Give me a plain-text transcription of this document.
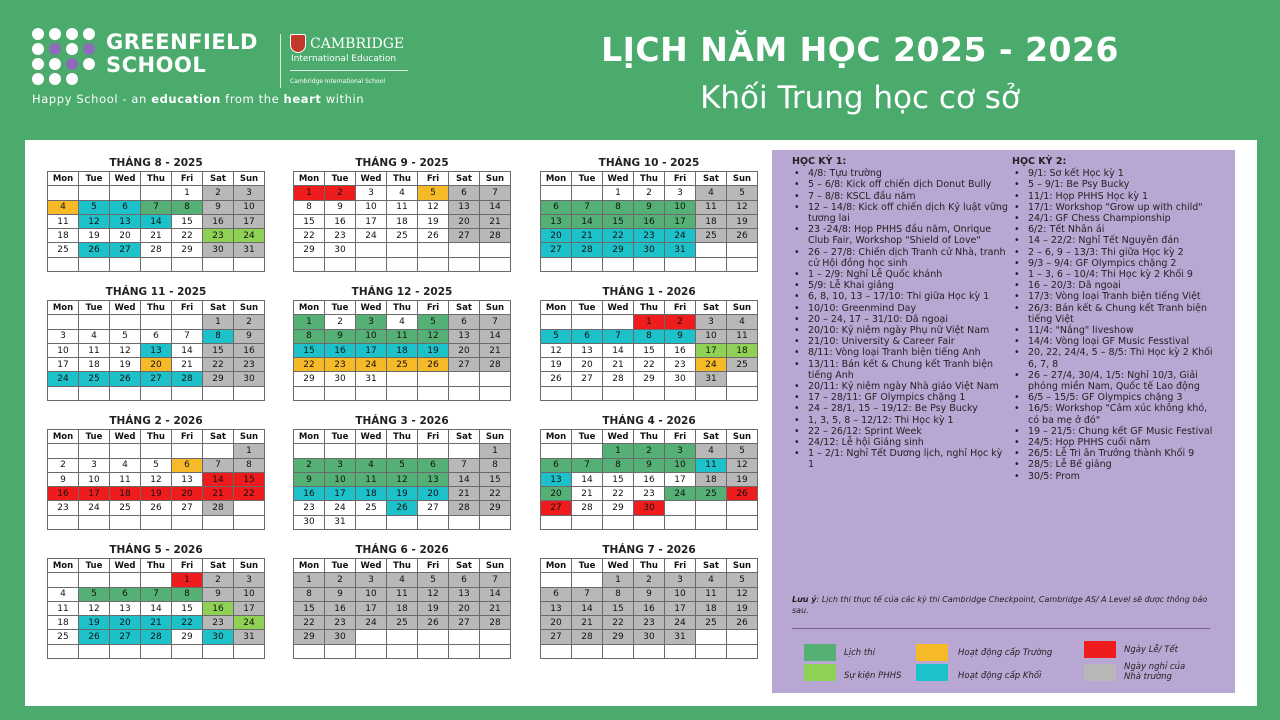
GREENFIELD
SCHOOL
CAMBRIDGE
International Education
Cambridge International School
Happy School - an education from the heart within
LỊCH NĂM HỌC 2025 - 2026
Khối Trung học cơ sở
THÁNG 8 - 2025
Mon	Tue	Wed	Thu	Fri	Sat	Sun
				1	2	3
4	5	6	7	8	9	10
11	12	13	14	15	16	17
18	19	20	21	22	23	24
25	26	27	28	29	30	31

THÁNG 9 - 2025
Mon	Tue	Wed	Thu	Fri	Sat	Sun
1	2	3	4	5	6	7
8	9	10	11	12	13	14
15	16	17	18	19	20	21
22	23	24	25	26	27	28
29	30					

THÁNG 10 - 2025
Mon	Tue	Wed	Thu	Fri	Sat	Sun
		1	2	3	4	5
6	7	8	9	10	11	12
13	14	15	16	17	18	19
20	21	22	23	24	25	26
27	28	29	30	31		

THÁNG 11 - 2025
Mon	Tue	Wed	Thu	Fri	Sat	Sun
					1	2
3	4	5	6	7	8	9
10	11	12	13	14	15	16
17	18	19	20	21	22	23
24	25	26	27	28	29	30

THÁNG 12 - 2025
Mon	Tue	Wed	Thu	Fri	Sat	Sun
1	2	3	4	5	6	7
8	9	10	11	12	13	14
15	16	17	18	19	20	21
22	23	24	25	26	27	28
29	30	31				

THÁNG 1 - 2026
Mon	Tue	Wed	Thu	Fri	Sat	Sun
			1	2	3	4
5	6	7	8	9	10	11
12	13	14	15	16	17	18
19	20	21	22	23	24	25
26	27	28	29	30	31	

THÁNG 2 - 2026
Mon	Tue	Wed	Thu	Fri	Sat	Sun
						1
2	3	4	5	6	7	8
9	10	11	12	13	14	15
16	17	18	19	20	21	22
23	24	25	26	27	28	

THÁNG 3 - 2026
Mon	Tue	Wed	Thu	Fri	Sat	Sun
						1
2	3	4	5	6	7	8
9	10	11	12	13	14	15
16	17	18	19	20	21	22
23	24	25	26	27	28	29
30	31					
THÁNG 4 - 2026
Mon	Tue	Wed	Thu	Fri	Sat	Sun
		1	2	3	4	5
6	7	8	9	10	11	12
13	14	15	16	17	18	19
20	21	22	23	24	25	26
27	28	29	30			

THÁNG 5 - 2026
Mon	Tue	Wed	Thu	Fri	Sat	Sun
				1	2	3
4	5	6	7	8	9	10
11	12	13	14	15	16	17
18	19	20	21	22	23	24
25	26	27	28	29	30	31

THÁNG 6 - 2026
Mon	Tue	Wed	Thu	Fri	Sat	Sun
1	2	3	4	5	6	7
8	9	10	11	12	13	14
15	16	17	18	19	20	21
22	23	24	25	26	27	28
29	30					

THÁNG 7 - 2026
Mon	Tue	Wed	Thu	Fri	Sat	Sun
		1	2	3	4	5
6	7	8	9	10	11	12
13	14	15	16	17	18	19
20	21	22	23	24	25	26
27	28	29	30	31		

HỌC KỲ 1:
• 4/8: Tựu trường
• 5 – 6/8: Kick off chiến dịch Donut Bully
• 7 – 8/8: KSCL đầu năm
• 12 – 14/8: Kick off chiến dịch Kỷ luật vững tương lai
• 23 -24/8: Họp PHHS đầu năm, Onrique Club Fair, Workshop "Shield of Love"
• 26 – 27/8: Chiến dịch Tranh cử Nhà, tranh cử Hội đồng học sinh
• 1 – 2/9: Nghỉ Lễ Quốc khánh
• 5/9: Lễ Khai giảng
• 6, 8, 10, 13 – 17/10: Thi giữa Học kỳ 1
• 10/10: Greenmind Day
• 20 – 24, 17 – 31/10: Dã ngoại
• 20/10: Kỷ niệm ngày Phụ nữ Việt Nam
• 21/10: University & Career Fair
• 8/11: Vòng loại Tranh biện tiếng Anh
• 13/11: Bán kết & Chung kết Tranh biện tiếng Anh
• 20/11: Kỷ niệm ngày Nhà giáo Việt Nam
• 17 – 28/11: GF Olympics chặng 1
• 24 – 28/1, 15 – 19/12: Be Psy Bucky
• 1, 3, 5, 8 – 12/12: Thi Học kỳ 1
• 22 – 26/12: Sprint Week
• 24/12: Lễ hội Giáng sinh
• 1 – 2/1: Nghỉ Tết Dương lịch, nghỉ Học kỳ 1
HỌC KỲ 2:
• 9/1: Sơ kết Học kỳ 1
• 5 – 9/1: Be Psy Bucky
• 11/1: Họp PHHS Học kỳ 1
• 17/1: Workshop "Grow up with child"
• 24/1: GF Chess Championship
• 6/2: Tết Nhân ái
• 14 – 22/2: Nghỉ Tết Nguyên đán
• 2 – 6, 9 – 13/3: Thi giữa Học kỳ 2
• 9/3 – 9/4: GF Olympics chặng 2
• 1 – 3, 6 – 10/4: Thi Học kỳ 2 Khối 9
• 16 – 20/3: Dã ngoại
• 17/3: Vòng loại Tranh biện tiếng Việt
• 26/3: Bán kết & Chung kết Tranh biện tiếng Việt
• 11/4: "Nắng" liveshow
• 14/4: Vòng loại GF Music Fesstival
• 20, 22, 24/4, 5 – 8/5: Thi Học kỳ 2 Khối 6, 7, 8
• 26 – 27/4, 30/4, 1/5: Nghỉ 10/3, Giải phóng miền Nam, Quốc tế Lao động
• 6/5 – 15/5: GF Olympics chặng 3
• 16/5: Workshop "Cảm xúc không khó, có ba mẹ ở đó"
• 19 – 21/5: Chung kết GF Music Festival
• 24/5: Họp PHHS cuối năm
• 26/5: Lễ Tri ân Trưởng thành Khối 9
• 28/5: Lễ Bế giảng
• 30/5: Prom
Lưu ý: Lịch thi thực tế của các kỳ thi Cambridge Checkpoint, Cambridge AS/ A Level sẽ được thông báo sau.
Lịch thi
Sự kiện PHHS
Hoạt động cấp Trường
Hoạt động cấp Khối
Ngày Lễ/ Tết
Ngày nghỉ của Nhà trường
